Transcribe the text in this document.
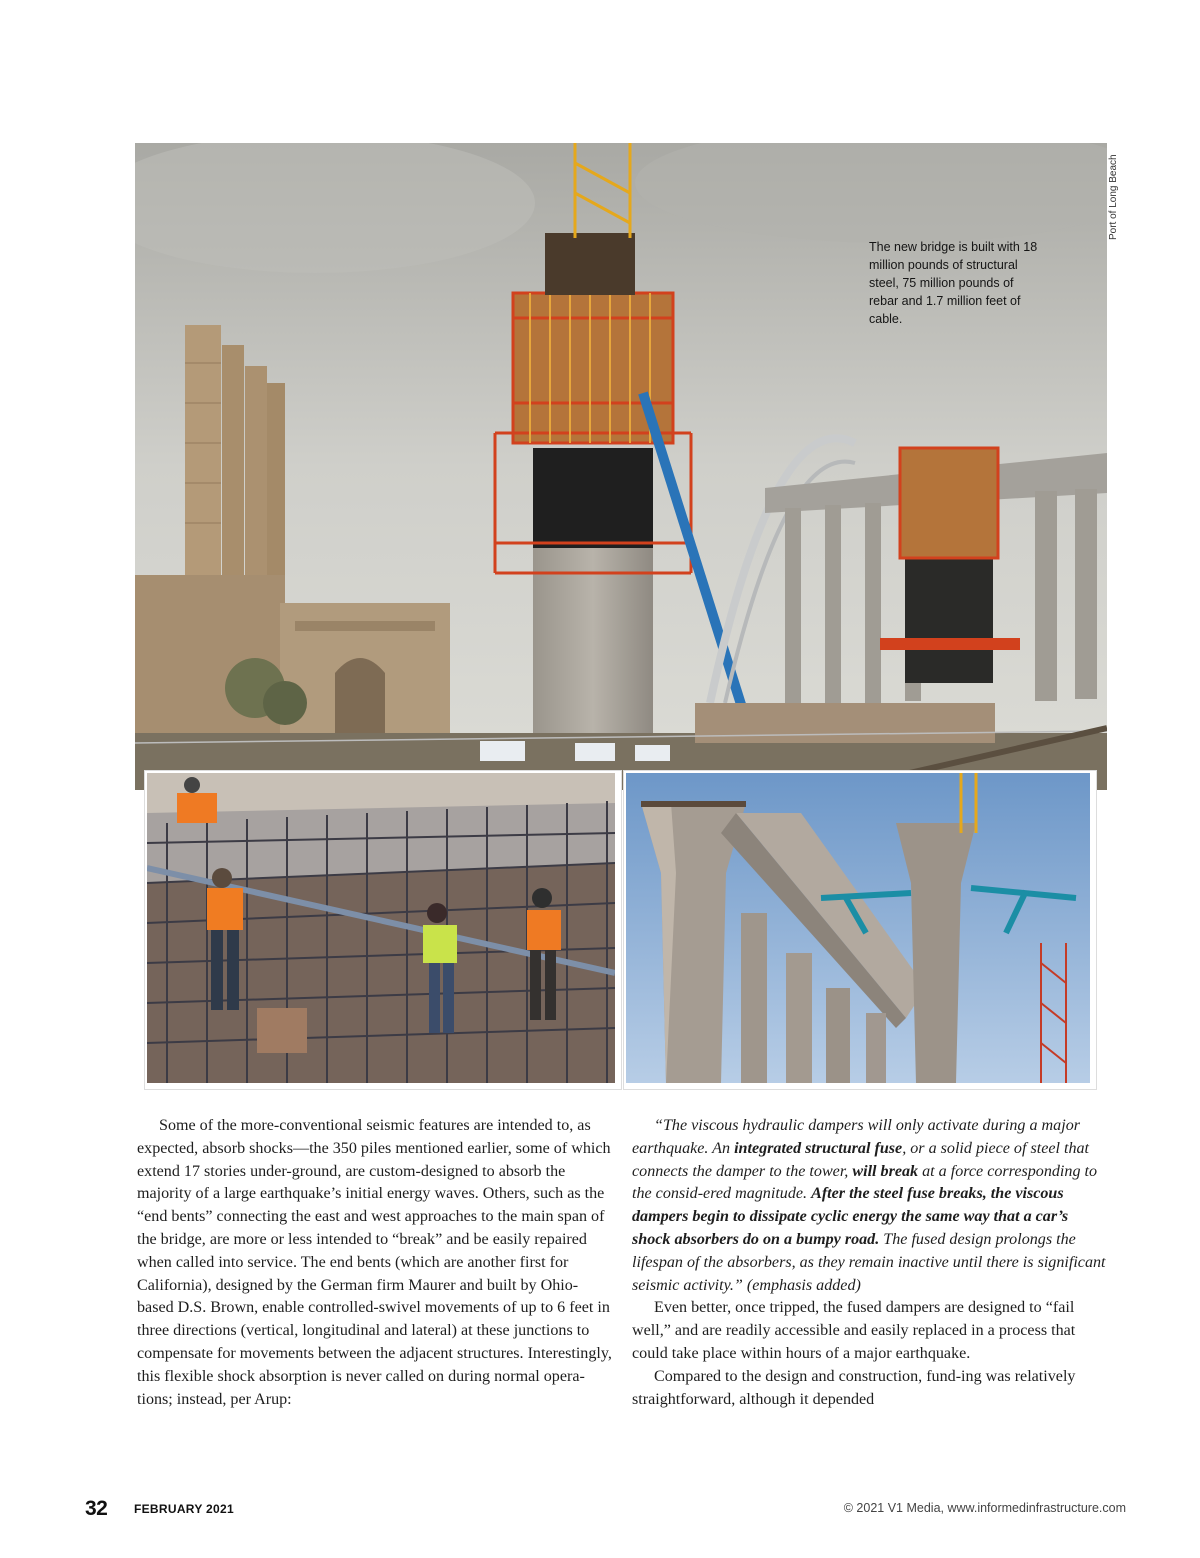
Port of Long Beach
The new bridge is built with 18 million pounds of structural steel, 75 million pounds of rebar and 1.7 million feet of cable.

Some of the more-conventional seismic features are intended to, as expected, absorb shocks—the 350 piles mentioned earlier, some of which extend 17 stories under-ground, are custom-designed to absorb the majority of a large earthquake’s initial energy waves. Others, such as the “end bents” connecting the east and west approaches to the main span of the bridge, are more or less intended to “break” and be easily repaired when called into service. The end bents (which are another first for California), designed by the German firm Maurer and built by Ohio-based D.S. Brown, enable controlled-swivel movements of up to 6 feet in three directions (vertical, longitudinal and lateral) at these junctions to compensate for movements between the adjacent structures. Interestingly, this flexible shock absorption is never called on during normal opera-tions; instead, per Arup:

“The viscous hydraulic dampers will only activate during a major earthquake. An integrated structural fuse, or a solid piece of steel that connects the damper to the tower, will break at a force corresponding to the consid-ered magnitude. After the steel fuse breaks, the viscous dampers begin to dissipate cyclic energy the same way that a car’s shock absorbers do on a bumpy road. The fused design prolongs the lifespan of the absorbers, as they remain inactive until there is significant seismic activity.” (emphasis added)

Even better, once tripped, the fused dampers are designed to “fail well,” and are readily accessible and easily replaced in a process that could take place within hours of a major earthquake.

Compared to the design and construction, fund-ing was relatively straightforward, although it depended

32 FEBRUARY 2021	© 2021 V1 Media, www.informedinfrastructure.com
